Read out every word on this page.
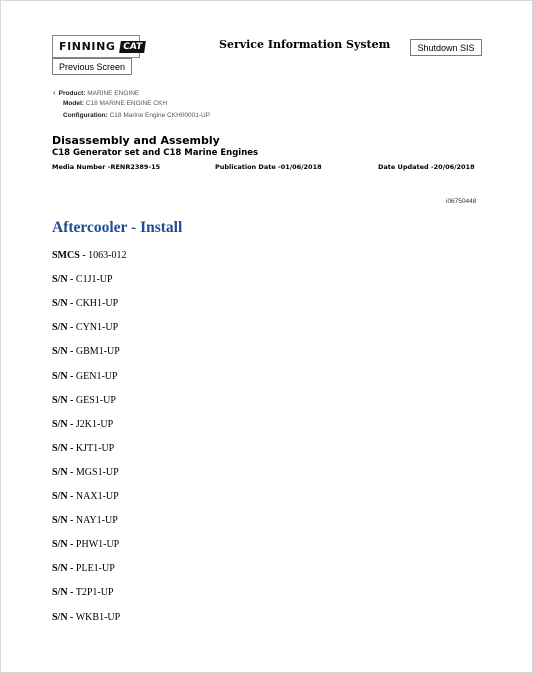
FINNING CAT	Service Information System	Shutdown SIS
Previous Screen
‹ Product: MARINE ENGINE
Model: C18 MARINE ENGINE CKH
Configuration: C18 Marine Engine CKH00001-UP
Disassembly and Assembly
C18 Generator set and C18 Marine Engines
Media Number -RENR2389-15	Publication Date -01/06/2018	Date Updated -20/06/2018
i06750448
Aftercooler - Install
SMCS - 1063-012
S/N - C1J1-UP
S/N - CKH1-UP
S/N - CYN1-UP
S/N - GBM1-UP
S/N - GEN1-UP
S/N - GES1-UP
S/N - J2K1-UP
S/N - KJT1-UP
S/N - MGS1-UP
S/N - NAX1-UP
S/N - NAY1-UP
S/N - PHW1-UP
S/N - PLE1-UP
S/N - T2P1-UP
S/N - WKB1-UP
